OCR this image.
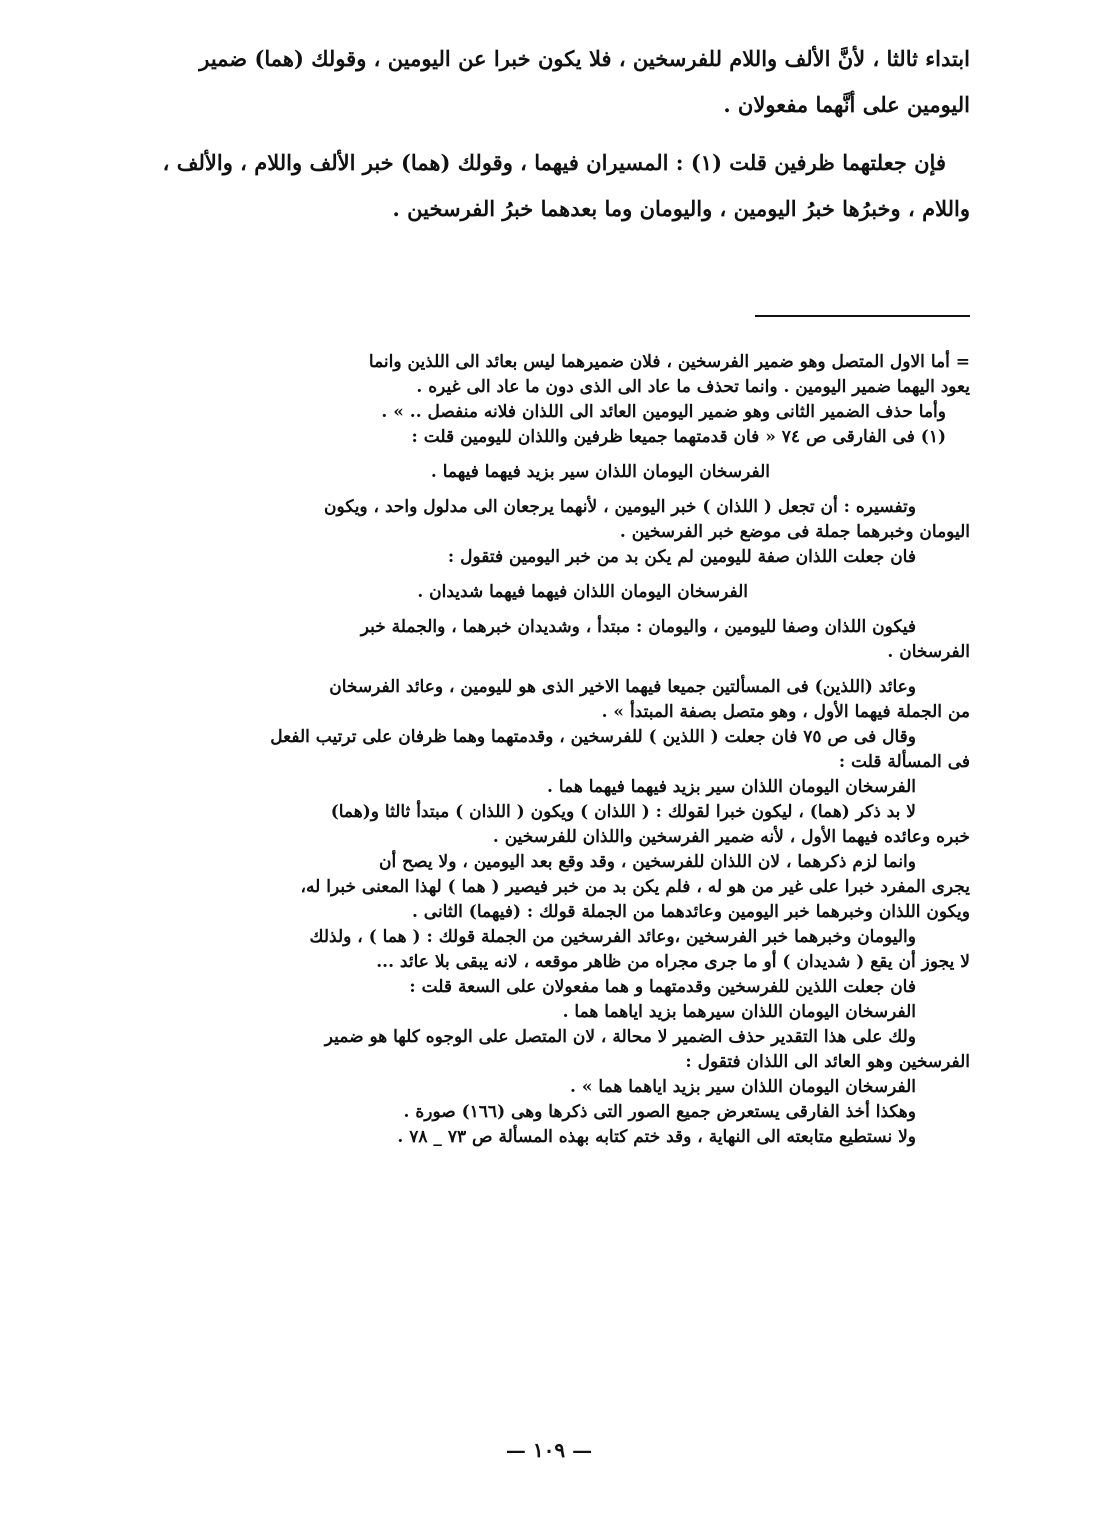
ابتداء ثالثا ، لأنَّ الألف واللام للفرسخين ، فلا يكون خبرا عن اليومين ، وقولك (هما) ضمير
اليومين على أنَّهما مفعولان .
فإن جعلتهما ظرفين قلت (١) : المسيران فيهما ، وقولك (هما) خبر الألف واللام ، والألف ،
واللام ، وخبرُها خبرُ اليومين ، واليومان وما بعدهما خبرُ الفرسخين .
= أما الاول المتصل وهو ضمير الفرسخين ، فلان ضميرهما ليس بعائد الى اللذين وانما
يعود اليهما ضمير اليومين . وانما تحذف ما عاد الى الذى دون ما عاد الى غيره .
وأما حذف الضمير الثانى وهو ضمير اليومين العائد الى اللذان فلانه منفصل .. » .
(١) فى الفارقى ص ٧٤ « فان قدمتهما جميعا ظرفين واللذان لليومين قلت :
الفرسخان اليومان اللذان سير بزيد فيهما فيهما .
وتفسيره : أن تجعل ( اللذان ) خبر اليومين ، لأنهما يرجعان الى مدلول واحد ، ويكون
اليومان وخبرهما جملة فى موضع خبر الفرسخين .
فان جعلت اللذان صفة لليومين لم يكن بد من خبر اليومين فتقول :
الفرسخان اليومان اللذان فيهما فيهما شديدان .
فيكون اللذان وصفا لليومين ، واليومان : مبتدأ ، وشديدان خبرهما ، والجملة خبر
الفرسخان .
وعائد (اللذين) فى المسألتين جميعا فيهما الاخير الذى هو لليومين ، وعائد الفرسخان
من الجملة فيهما الأول ، وهو متصل بصفة المبتدأ » .
وقال فى ص ٧٥ فان جعلت ( اللذين ) للفرسخين ، وقدمتهما وهما ظرفان على ترتيب الفعل
فى المسألة قلت :
الفرسخان اليومان اللذان سير بزيد فيهما فيهما هما .
لا بد ذكر (هما) ، ليكون خبرا لقولك : ( اللذان ) ويكون ( اللذان ) مبتدأ ثالثا و(هما)
خبره وعائده فيهما الأول ، لأنه ضمير الفرسخين واللذان للفرسخين .
وانما لزم ذكرهما ، لان اللذان للفرسخين ، وقد وقع بعد اليومين ، ولا يصح أن
يجرى المفرد خبرا على غير من هو له ، فلم يكن بد من خبر فيصير ( هما ) لهذا المعنى خبرا له،
ويكون اللذان وخبرهما خبر اليومين وعائدهما من الجملة قولك : (فيهما) الثانى .
واليومان وخبرهما خبر الفرسخين ،وعائد الفرسخين من الجملة قولك : ( هما ) ، ولذلك
لا يجوز أن يقع ( شديدان ) أو ما جرى مجراه من ظاهر موقعه ، لانه يبقى بلا عائد ...
فان جعلت اللذين للفرسخين وقدمتهما و هما مفعولان على السعة قلت :
الفرسخان اليومان اللذان سيرهما بزيد اياهما هما .
ولك على هذا التقدير حذف الضمير لا محالة ، لان المتصل على الوجوه كلها هو ضمير
الفرسخين وهو العائد الى اللذان فتقول :
الفرسخان اليومان اللذان سير بزيد اياهما هما » .
وهكذا أخذ الفارقى يستعرض جميع الصور التى ذكرها وهى (١٦٦) صورة .
ولا نستطيع متابعته الى النهاية ، وقد ختم كتابه بهذه المسألة ص ٧٣ _ ٧٨ .
— ١٠٩ —
